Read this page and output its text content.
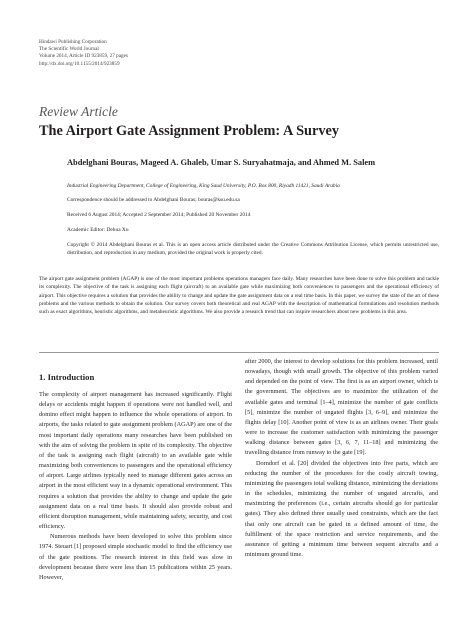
Hindawi Publishing Corporation
The Scientific World Journal
Volume 2014, Article ID 923859, 27 pages
http://dx.doi.org/10.1155/2014/923859
Review Article
The Airport Gate Assignment Problem: A Survey
Abdelghani Bouras, Mageed A. Ghaleb, Umar S. Suryahatmaja, and Ahmed M. Salem
Industrial Engineering Department, College of Engineering, King Saud University, P.O. Box 800, Riyadh 11421, Saudi Arabia
Correspondence should be addressed to Abdelghani Bouras; bouras@ksu.edu.sa
Received 6 August 2014; Accepted 2 September 2014; Published 20 November 2014
Academic Editor: Dehua Xu
Copyright © 2014 Abdelghani Bouras et al. This is an open access article distributed under the Creative Commons Attribution License, which permits unrestricted use, distribution, and reproduction in any medium, provided the original work is properly cited.
The airport gate assignment problem (AGAP) is one of the most important problems operations managers face daily. Many researches have been done to solve this problem and tackle its complexity. The objective of the task is assigning each flight (aircraft) to an available gate while maximizing both conveniences to passengers and the operational efficiency of airport. This objective requires a solution that provides the ability to change and update the gate assignment data on a real time basis. In this paper, we survey the state of the art of these problems and the various methods to obtain the solution. Our survey covers both theoretical and real AGAP with the description of mathematical formulations and resolution methods such as exact algorithms, heuristic algorithms, and metaheuristic algorithms. We also provide a research trend that can inspire researchers about new problems in this area.
1. Introduction

The complexity of airport management has increased significantly. Flight delays or accidents might happen if operations were not handled well, and domino effect might happen to influence the whole operations of airport. In airports, the tasks related to gate assignment problem (AGAP) are one of the most important daily operations many researches have been published on with the aim of solving the problem in spite of its complexity. The objective of the task is assigning each flight (aircraft) to an available gate while maximizing both conveniences to passengers and the operational efficiency of airport. Large airlines typically need to manage different gates across an airport in the most efficient way in a dynamic operational environment. This requires a solution that provides the ability to change and update the gate assignment data on a real time basis. It should also provide robust and efficient disruption management, while maintaining safety, security, and cost efficiency.

Numerous methods have been developed to solve this problem since 1974. Steuart [1] proposed simple stochastic model to find the efficiency use of the gate positions. The research interest in this field was slow in development because there were less than 15 publications within 25 years. However,

after 2000, the interest to develop solutions for this problem increased, until nowadays, though with small growth. The objective of this problem varied and depended on the point of view. The first is as an airport owner, which is the government. The objectives are to maximize the utilization of the available gates and terminal [1–4], minimize the number of gate conflicts [5], minimize the number of ungated flights [3, 6–9], and minimize the flights delay [10]. Another point of view is as an airlines owner. Their goals were to increase the customer satisfaction with minimizing the passenger walking distance between gates [3, 6, 7, 11–18] and minimizing the travelling distance from runway to the gate [19].

Dorndorf et al. [20] divided the objectives into five parts, which are reducing the number of the procedures for the costly aircraft towing, minimizing the passengers total walking distance, minimizing the deviations in the schedules, minimizing the number of ungated aircrafts, and maximizing the preferences (i.e., certain aircrafts should go for particular gates). They also defined three usually used constraints, which are the fact that only one aircraft can be gated in a defined amount of time, the fulfillment of the space restriction and service requirements, and the assurance of getting a minimum time between sequent aircrafts and a minimum ground time.
